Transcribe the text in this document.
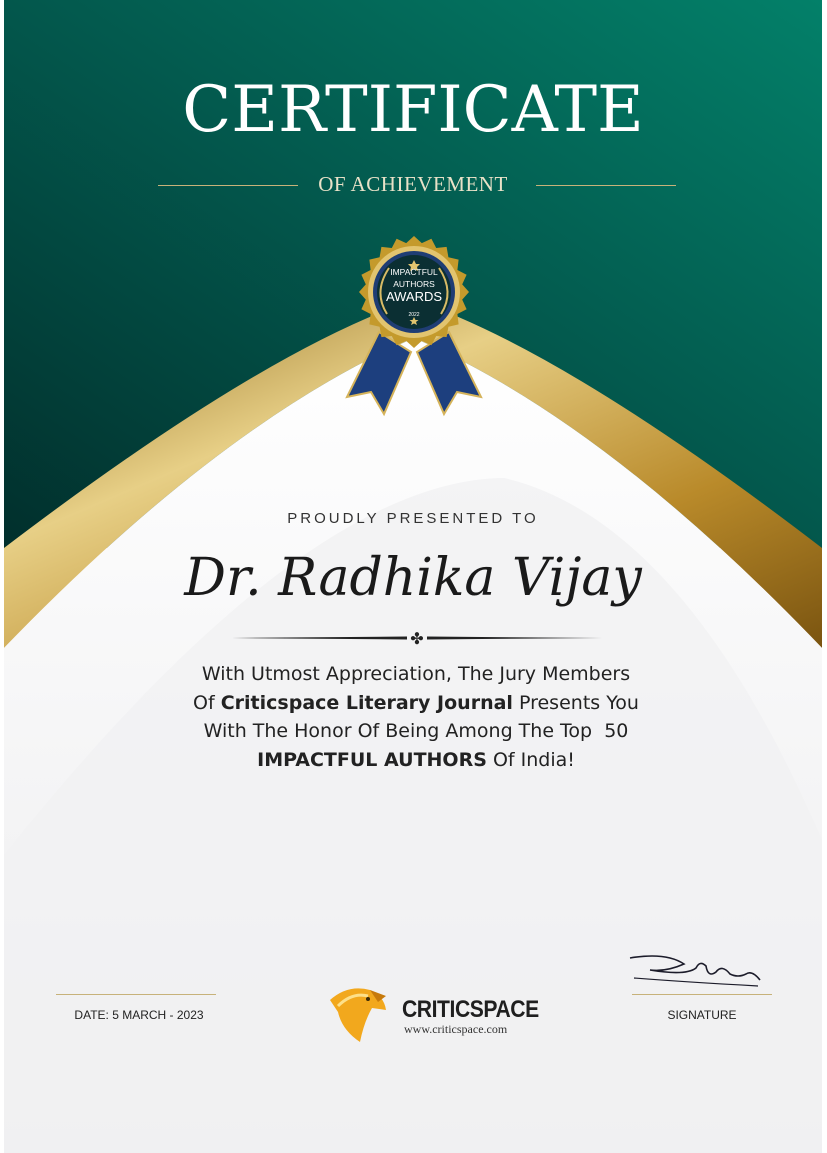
CERTIFICATE
OF ACHIEVEMENT
IMPACTFUL
AUTHORS
AWARDS
2022
PROUDLY PRESENTED TO
Dr. Radhika Vijay
✤
With Utmost Appreciation, The Jury Members
Of Criticspace Literary Journal Presents You
With The Honor Of Being Among The Top  50
IMPACTFUL AUTHORS Of India!
DATE: 5 MARCH - 2023	CRITICSPACE
www.criticspace.com
SIGNATURE
